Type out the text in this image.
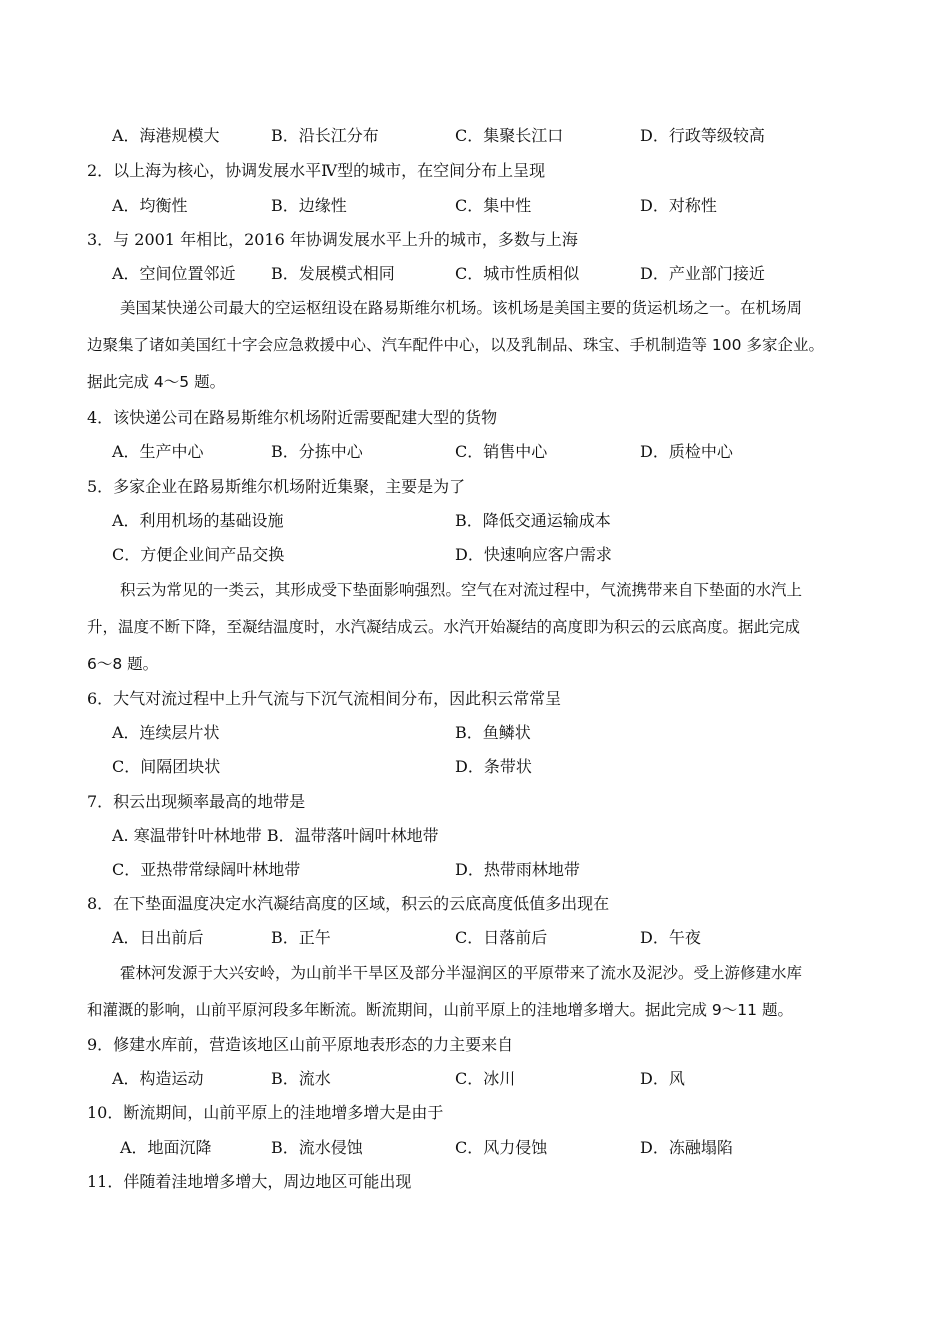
A．海港规模大	B．沿长江分布	C．集聚长江口	D．行政等级较高
2．以上海为核心，协调发展水平Ⅳ型的城市，在空间分布上呈现
A．均衡性	B．边缘性	C．集中性	D．对称性
3．与 2001 年相比，2016 年协调发展水平上升的城市，多数与上海
A．空间位置邻近 B．发展模式相同	C．城市性质相似	D．产业部门接近
美国某快递公司最大的空运枢纽设在路易斯维尔机场。该机场是美国主要的货运机场之一。在机场周
边聚集了诸如美国红十字会应急救援中心、汽车配件中心，以及乳制品、珠宝、手机制造等 100 多家企业。
据此完成 4～5 题。
4．该快递公司在路易斯维尔机场附近需要配建大型的货物
A．生产中心	B．分拣中心	C．销售中心	D．质检中心
5．多家企业在路易斯维尔机场附近集聚，主要是为了
A．利用机场的基础设施	B．降低交通运输成本
C．方便企业间产品交换	D．快速响应客户需求
积云为常见的一类云，其形成受下垫面影响强烈。空气在对流过程中，气流携带来自下垫面的水汽上
升，温度不断下降，至凝结温度时，水汽凝结成云。水汽开始凝结的高度即为积云的云底高度。据此完成
6～8 题。
6．大气对流过程中上升气流与下沉气流相间分布，因此积云常常呈
A．连续层片状	B．鱼鳞状
C．间隔团块状	D．条带状
7．积云出现频率最高的地带是
A. 寒温带针叶林地带 B．温带落叶阔叶林地带
C．亚热带常绿阔叶林地带	D．热带雨林地带
8．在下垫面温度决定水汽凝结高度的区域，积云的云底高度低值多出现在
A．日出前后	B．正午	C．日落前后	D．午夜
霍林河发源于大兴安岭，为山前半干旱区及部分半湿润区的平原带来了流水及泥沙。受上游修建水库
和灌溉的影响，山前平原河段多年断流。断流期间，山前平原上的洼地增多增大。据此完成 9～11 题。
9．修建水库前，营造该地区山前平原地表形态的力主要来自
A．构造运动	B．流水	C．冰川	D．风
10．断流期间，山前平原上的洼地增多增大是由于
A．地面沉降	B．流水侵蚀	C．风力侵蚀	D．冻融塌陷
11．伴随着洼地增多增大，周边地区可能出现
